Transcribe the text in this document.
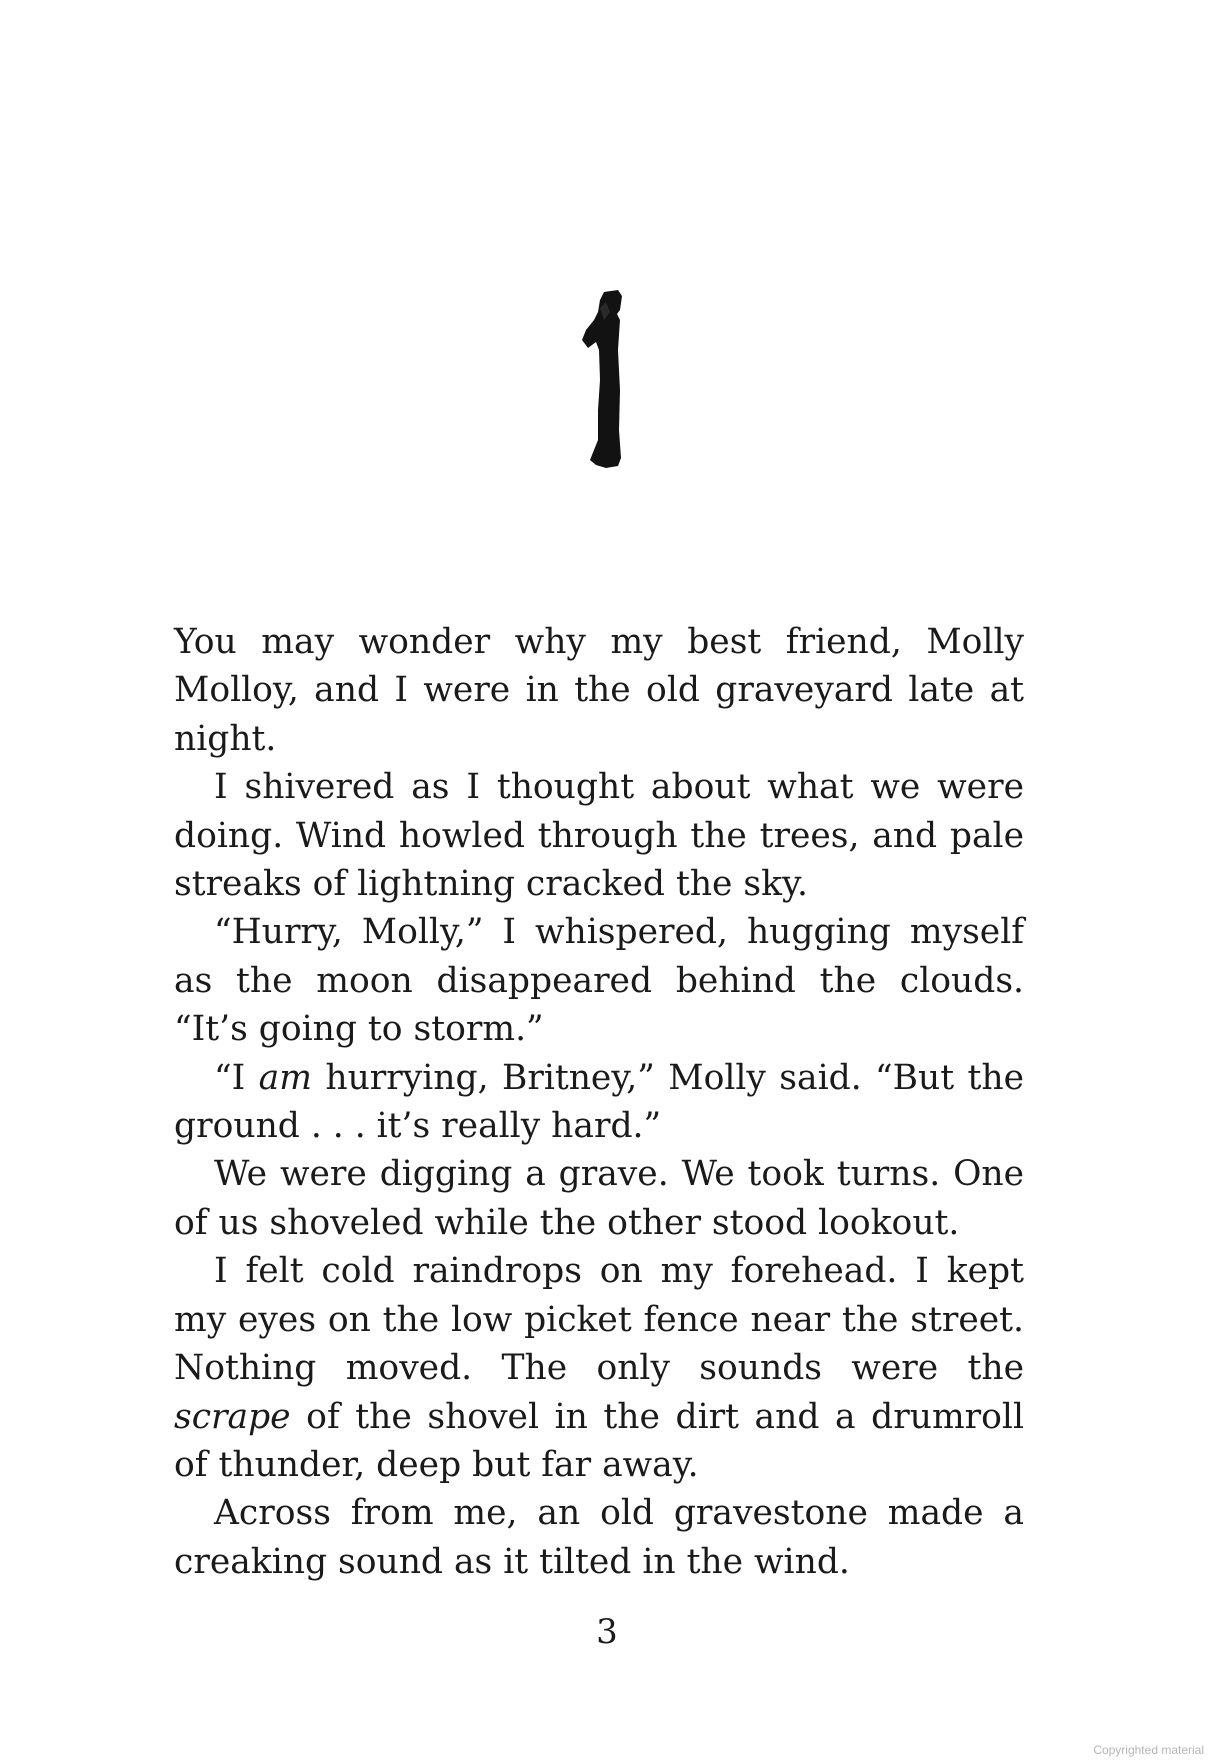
You may wonder why my best friend, Molly Molloy, and I were in the old graveyard late at night.

I shivered as I thought about what we were doing. Wind howled through the trees, and pale streaks of lightning cracked the sky.

“Hurry, Molly,” I whispered, hugging myself as the moon disappeared behind the clouds. “It’s going to storm.”

“I am hurrying, Britney,” Molly said. “But the ground . . . it’s really hard.”

We were digging a grave. We took turns. One of us shoveled while the other stood lookout.

I felt cold raindrops on my forehead. I kept my eyes on the low picket fence near the street. Nothing moved. The only sounds were the scrape of the shovel in the dirt and a drumroll of thunder, deep but far away.

Across from me, an old gravestone made a creaking sound as it tilted in the wind.

3
Copyrighted material
